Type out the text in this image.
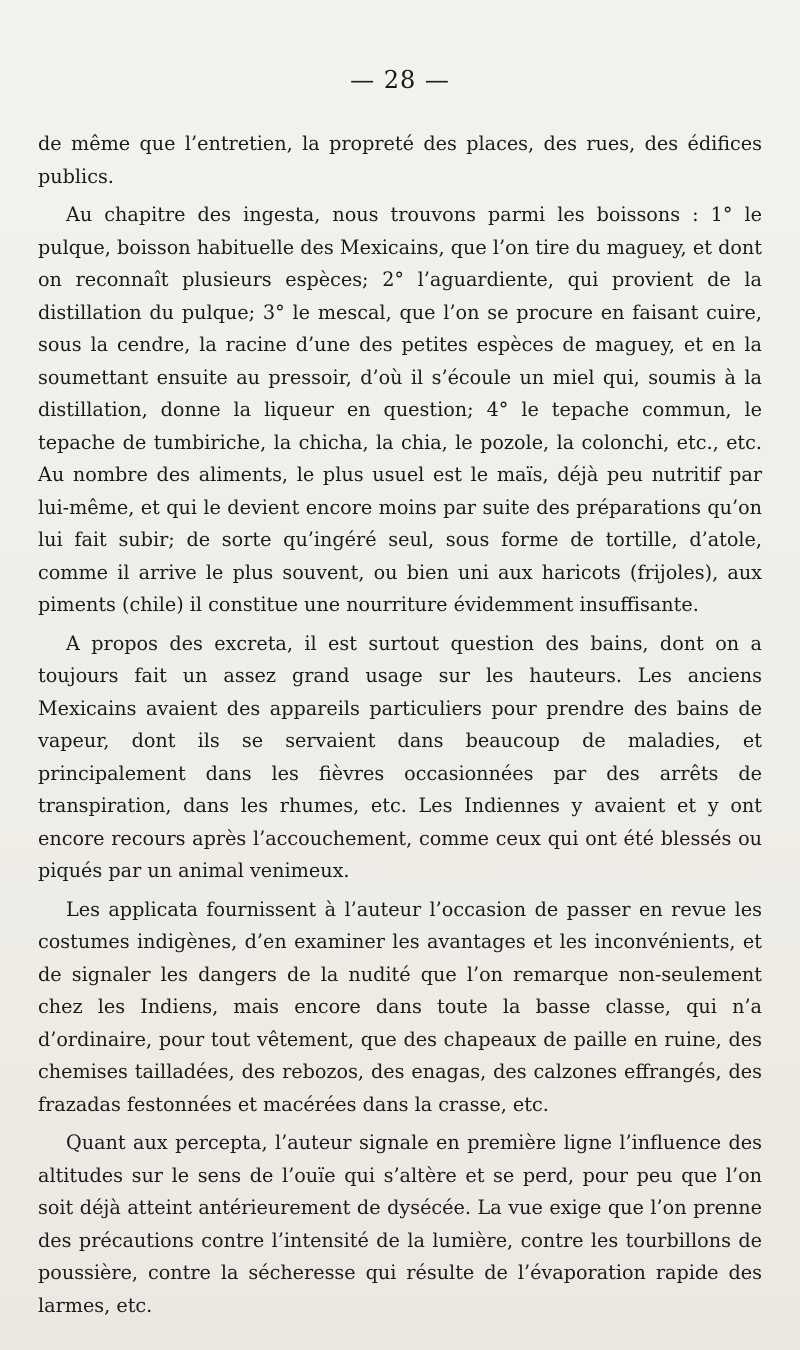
— 28 —

de même que l’entretien, la propreté des places, des rues, des édifices publics.

Au chapitre des ingesta, nous trouvons parmi les boissons : 1° le pulque, boisson habituelle des Mexicains, que l’on tire du maguey, et dont on reconnaît plusieurs espèces; 2° l’aguardiente, qui provient de la distillation du pulque; 3° le mescal, que l’on se procure en faisant cuire, sous la cendre, la racine d’une des petites espèces de maguey, et en la soumettant ensuite au pressoir, d’où il s’écoule un miel qui, soumis à la distillation, donne la liqueur en question; 4° le tepache commun, le tepache de tumbiriche, la chicha, la chia, le pozole, la colonchi, etc., etc. Au nombre des aliments, le plus usuel est le maïs, déjà peu nutritif par lui-même, et qui le devient encore moins par suite des préparations qu’on lui fait subir; de sorte qu’ingéré seul, sous forme de tortille, d’atole, comme il arrive le plus souvent, ou bien uni aux haricots (frijoles), aux piments (chile) il constitue une nourriture évidemment insuffisante.

A propos des excreta, il est surtout question des bains, dont on a toujours fait un assez grand usage sur les hauteurs. Les anciens Mexicains avaient des appareils particuliers pour prendre des bains de vapeur, dont ils se servaient dans beaucoup de maladies, et principalement dans les fièvres occasionnées par des arrêts de transpiration, dans les rhumes, etc. Les Indiennes y avaient et y ont encore recours après l’accouchement, comme ceux qui ont été blessés ou piqués par un animal venimeux.

Les applicata fournissent à l’auteur l’occasion de passer en revue les costumes indigènes, d’en examiner les avantages et les inconvénients, et de signaler les dangers de la nudité que l’on remarque non-seulement chez les Indiens, mais encore dans toute la basse classe, qui n’a d’ordinaire, pour tout vêtement, que des chapeaux de paille en ruine, des chemises tailladées, des rebozos, des enagas, des calzones effrangés, des frazadas festonnées et macérées dans la crasse, etc.

Quant aux percepta, l’auteur signale en première ligne l’influence des altitudes sur le sens de l’ouïe qui s’altère et se perd, pour peu que l’on soit déjà atteint antérieurement de dysécée. La vue exige que l’on prenne des précautions contre l’intensité de la lumière, contre les tourbillons de poussière, contre la sécheresse qui résulte de l’évaporation rapide des larmes, etc.
